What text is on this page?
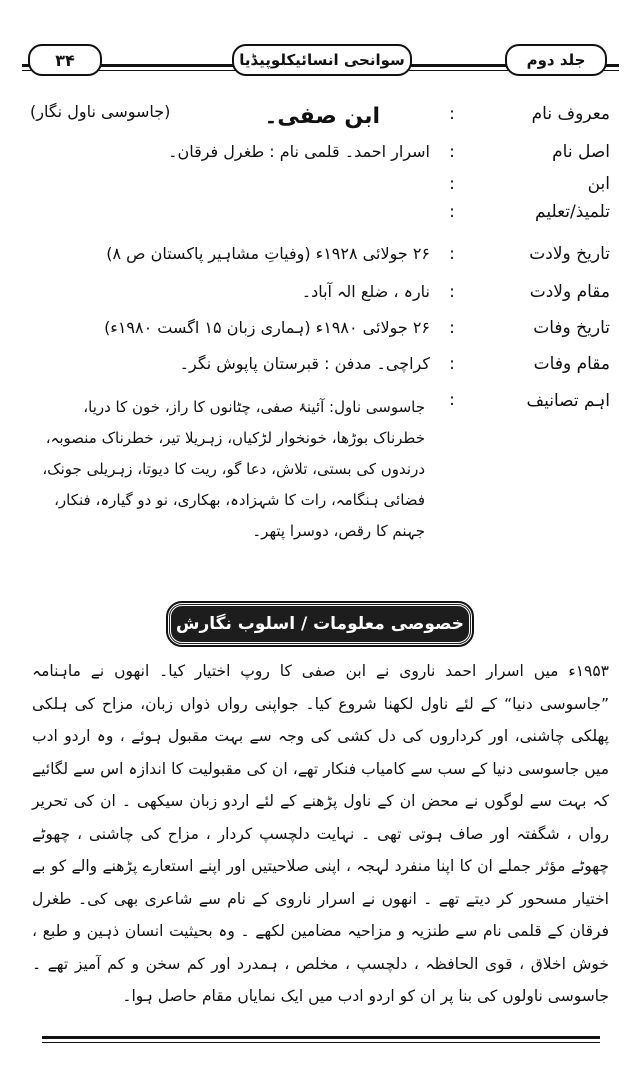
۳۴	سوانحی انسائیکلوپیڈیا	جلد دوم
معروف نام
:
ابن صفی۔
(جاسوسی ناول نگار)
اصل نام
:
اسرار احمد۔ قلمی نام : طغرل فرقان۔
ابن
:
تلمیذ/تعلیم
:
تاریخ ولادت
:
۲۶ جولائی ۱۹۲۸ء (وفیاتِ مشاہیر پاکستان ص ۸)
مقام ولادت
:
نارہ ، ضلع الہ آباد۔
تاریخ وفات
:
۲۶ جولائی ۱۹۸۰ء (ہماری زبان ۱۵ اگست ۱۹۸۰ء)
مقام وفات
:
کراچی۔ مدفن : قبرستان پاپوش نگر۔
اہم تصانیف
:
جاسوسی ناول: آئینۂ صفی، چٹانوں کا راز، خون کا دریا، خطرناک بوڑھا، خونخوار لڑکیاں، زہریلا تیر، خطرناک منصوبہ، درندوں کی بستی، تلاش، دعا گو، ریت کا دیوتا، زہریلی جونک، فضائی ہنگامہ، رات کا شہزادہ، بھکاری، نو دو گیارہ، فنکار، جہنم کا رقص، دوسرا پتھر۔
خصوصی معلومات / اسلوب نگارش
۱۹۵۳ء میں اسرار احمد ناروی نے ابن صفی کا روپ اختیار کیا۔ انھوں نے ماہنامہ ”جاسوسی دنیا“ کے لئے ناول لکھنا شروع کیا۔ جواپنی رواں ذواں زبان، مزاح کی ہلکی پھلکی چاشنی، اور کرداروں کی دل کشی کی وجہ سے بہت مقبول ہوئے ، وہ اردو ادب میں جاسوسی دنیا کے سب سے کامیاب فنکار تھے، ان کی مقبولیت کا اندازہ اس سے لگائیے کہ بہت سے لوگوں نے محض ان کے ناول پڑھنے کے لئے اردو زبان سیکھی ۔ ان کی تحریر رواں ، شگفتہ اور صاف ہوتی تھی ۔ نہایت دلچسپ کردار ، مزاح کی چاشنی ، چھوٹے چھوٹے مؤثر جملے ان کا اپنا منفرد لہجہ ، اپنی صلاحیتیں اور اپنے استعارے پڑھنے والے کو بے اختیار مسحور کر دیتے تھے ۔ انھوں نے اسرار ناروی کے نام سے شاعری بھی کی۔ طغرل فرقان کے قلمی نام سے طنزیہ و مزاحیہ مضامین لکھے ۔ وہ بحیثیت انسان ذہین و طبع ، خوش اخلاق ، قوی الحافظہ ، دلچسپ ، مخلص ، ہمدرد اور کم سخن و کم آمیز تھے ۔ جاسوسی ناولوں کی بنا پر ان کو اردو ادب میں ایک نمایاں مقام حاصل ہوا۔
